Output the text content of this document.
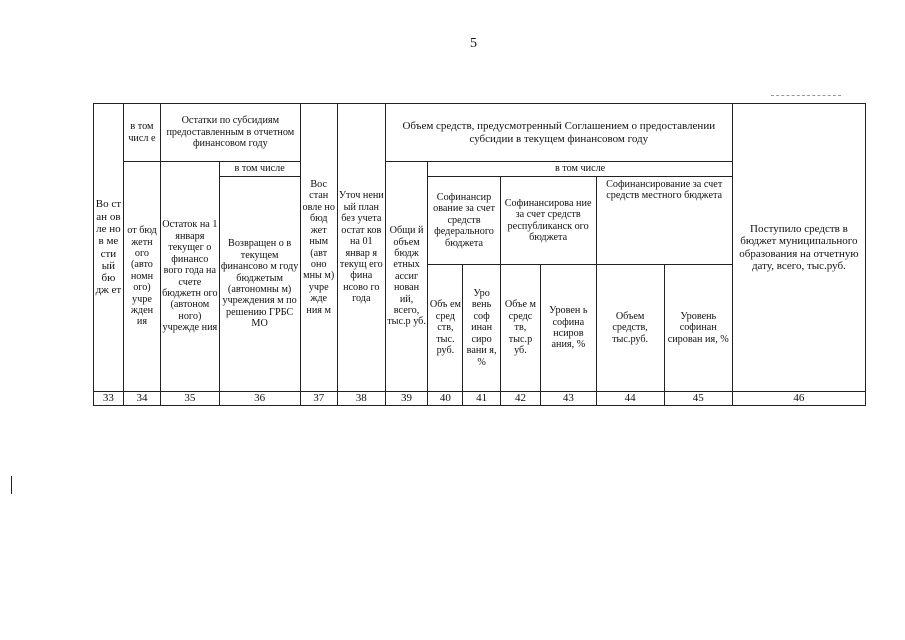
5
Во ст ан ов ле но в ме сти ый бю дж ет	в том числ е	Остатки по субсидиям предоставленным в отчетном финансовом году		Вос стан овле но бюд жет ным (авт оно мны м) учре жде ния м	Уточ нени ый план без учета остат ков на 01 январ я текущ его фина нсово го года	Объем средств, предусмотренный Соглашением о предоставлении субсидии в текущем финансовом году							Поступило средств в бюджет муниципального образования на отчетную дату, всего, тыс.руб.
	от бюд жетн ого (авто номн ого) учре жден ия	Остаток на 1 января текущег о финансо вого года на счете бюджетн ого (автоном ного) учрежде ния	в том числе			Общи й объем бюдж етных ассиг нован ий, всего, тыс.р уб.	в том числе						
			Возвращен о в текущем финансово м году бюджетым (автономны м) учреждения м по решению ГРБС МО				Софинансир ование за счет средств федерального бюджета		Софинансирова ние за счет средств республиканск ого бюджета		Софинансирование за счет средств местного бюджета		
							Объ ем сред ств, тыс. руб.	Уро вень соф инан сиро вани я, %	Объе м средс тв, тыс.р уб.	Уровен ь софина нсиров ания, %	Объем средств, тыс.руб.	Уровень софинан сирован ия, %	
33	34	35	36	37	38	39	40	41	42	43	44	45	46
